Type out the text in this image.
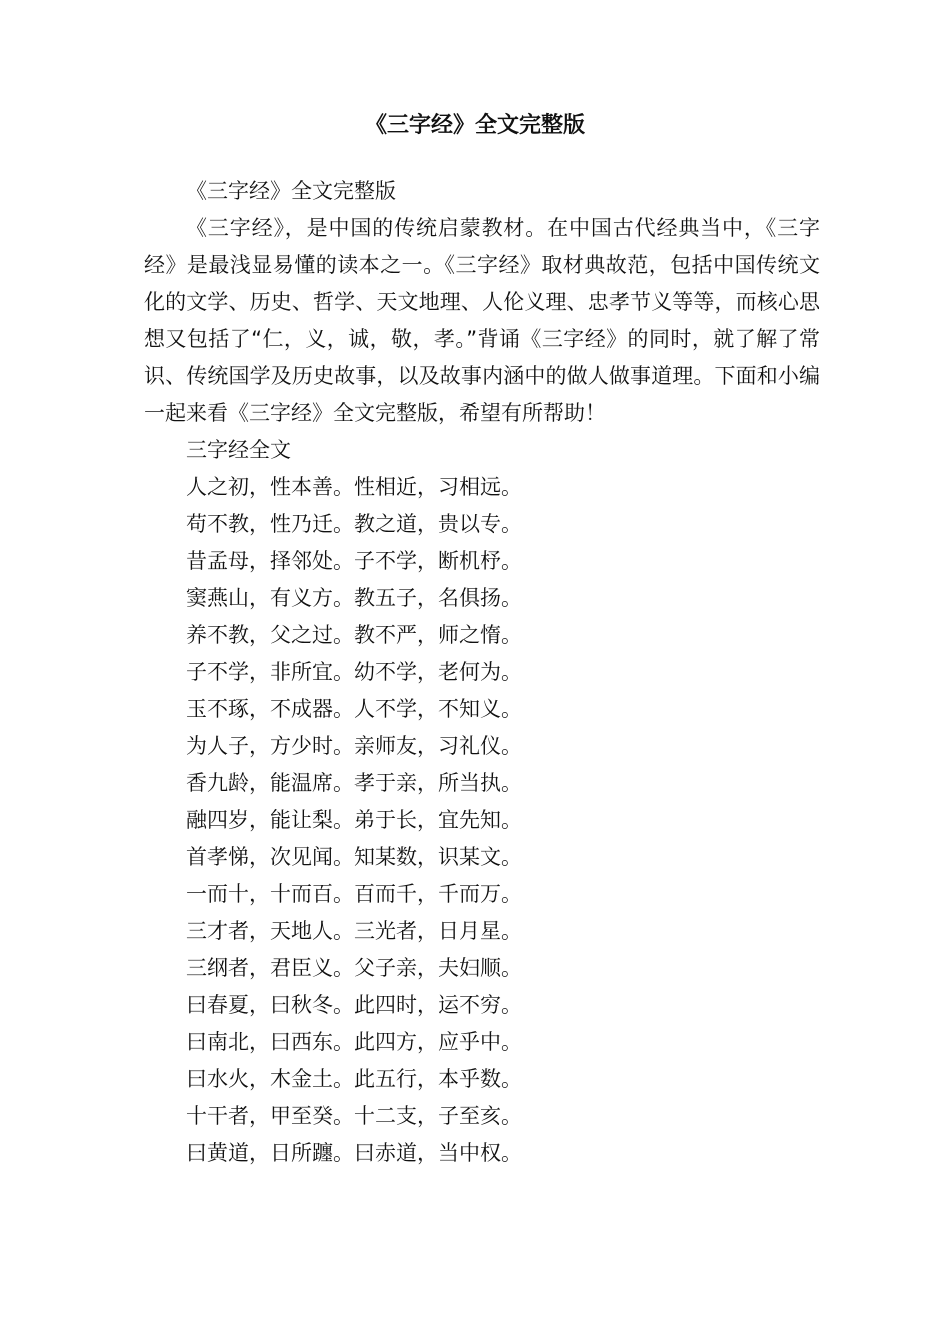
《三字经》全文完整版

《三字经》全文完整版

《三字经》，是中国的传统启蒙教材。在中国古代经典当中，《三字经》是最浅显易懂的读本之一。《三字经》取材典故范，包括中国传统文化的文学、历史、哲学、天文地理、人伦义理、忠孝节义等等，而核心思想又包括了“仁，义，诚，敬，孝。”背诵《三字经》的同时，就了解了常识、传统国学及历史故事，以及故事内涵中的做人做事道理。下面和小编一起来看《三字经》全文完整版，希望有所帮助！

三字经全文

人之初，性本善。性相近，习相远。

苟不教，性乃迁。教之道，贵以专。

昔孟母，择邻处。子不学，断机杼。

窦燕山，有义方。教五子，名俱扬。

养不教，父之过。教不严，师之惰。

子不学，非所宜。幼不学，老何为。

玉不琢，不成器。人不学，不知义。

为人子，方少时。亲师友，习礼仪。

香九龄，能温席。孝于亲，所当执。

融四岁，能让梨。弟于长，宜先知。

首孝悌，次见闻。知某数，识某文。

一而十，十而百。百而千，千而万。

三才者，天地人。三光者，日月星。

三纲者，君臣义。父子亲，夫妇顺。

曰春夏，曰秋冬。此四时，运不穷。

曰南北，曰西东。此四方，应乎中。

曰水火，木金土。此五行，本乎数。

十干者，甲至癸。十二支，子至亥。

曰黄道，日所躔。曰赤道，当中权。
